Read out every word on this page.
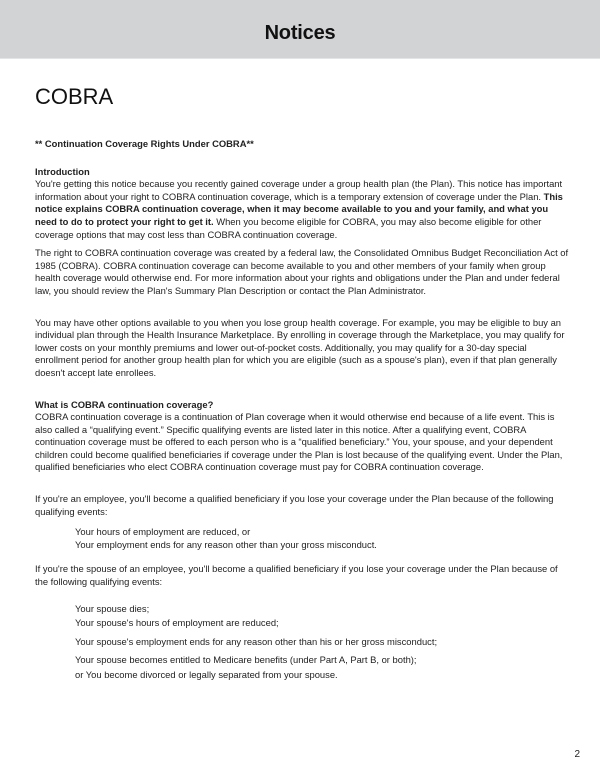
Notices
COBRA

** Continuation Coverage Rights Under COBRA**

Introduction

You're getting this notice because you recently gained coverage under a group health plan (the Plan). This notice has important information about your right to COBRA continuation coverage, which is a temporary extension of coverage under the Plan. This notice explains COBRA continuation coverage, when it may become available to you and your family, and what you need to do to protect your right to get it. When you become eligible for COBRA, you may also become eligible for other coverage options that may cost less than COBRA continuation coverage.

The right to COBRA continuation coverage was created by a federal law, the Consolidated Omnibus Budget Reconciliation Act of 1985 (COBRA). COBRA continuation coverage can become available to you and other members of your family when group health coverage would otherwise end. For more information about your rights and obligations under the Plan and under federal law, you should review the Plan's Summary Plan Description or contact the Plan Administrator.

You may have other options available to you when you lose group health coverage. For example, you may be eligible to buy an individual plan through the Health Insurance Marketplace. By enrolling in coverage through the Marketplace, you may qualify for lower costs on your monthly premiums and lower out-of-pocket costs. Additionally, you may qualify for a 30-day special enrollment period for another group health plan for which you are eligible (such as a spouse's plan), even if that plan generally doesn't accept late enrollees.

What is COBRA continuation coverage?

COBRA continuation coverage is a continuation of Plan coverage when it would otherwise end because of a life event. This is also called a “qualifying event.” Specific qualifying events are listed later in this notice. After a qualifying event, COBRA continuation coverage must be offered to each person who is a “qualified beneficiary.” You, your spouse, and your dependent children could become qualified beneficiaries if coverage under the Plan is lost because of the qualifying event. Under the Plan, qualified beneficiaries who elect COBRA continuation coverage must pay for COBRA continuation coverage.

If you're an employee, you'll become a qualified beneficiary if you lose your coverage under the Plan because of the following qualifying events:

Your hours of employment are reduced, or
Your employment ends for any reason other than your gross misconduct.

If you're the spouse of an employee, you'll become a qualified beneficiary if you lose your coverage under the Plan because of the following qualifying events:

Your spouse dies;
Your spouse's hours of employment are reduced;
Your spouse's employment ends for any reason other than his or her gross misconduct;
Your spouse becomes entitled to Medicare benefits (under Part A, Part B, or both);
or You become divorced or legally separated from your spouse.
2
